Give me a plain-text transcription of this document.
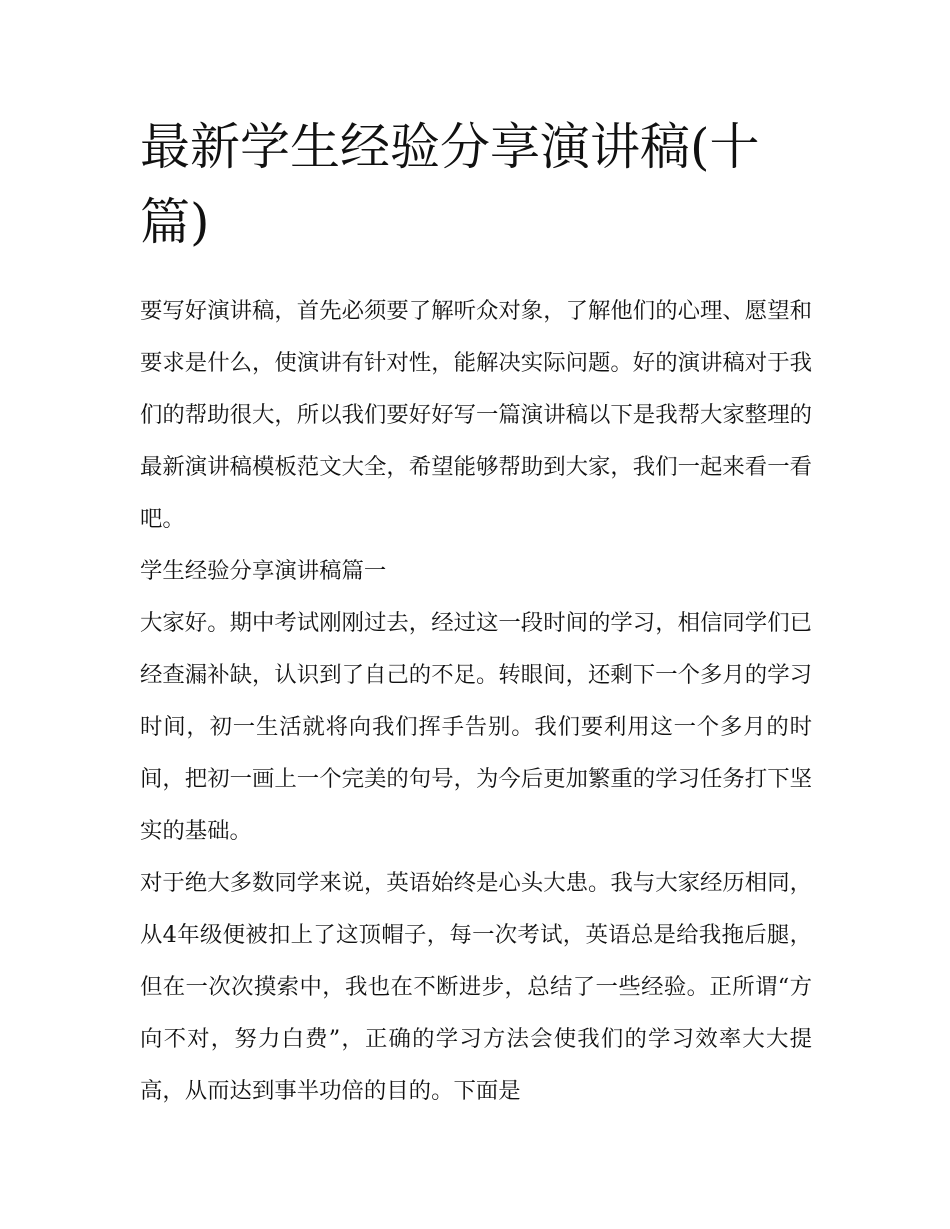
最新学生经验分享演讲稿(十篇)

要写好演讲稿，首先必须要了解听众对象，了解他们的心理、愿望和要求是什么，使演讲有针对性，能解决实际问题。好的演讲稿对于我们的帮助很大，所以我们要好好写一篇演讲稿以下是我帮大家整理的最新演讲稿模板范文大全，希望能够帮助到大家，我们一起来看一看吧。

学生经验分享演讲稿篇一

大家好。期中考试刚刚过去，经过这一段时间的学习，相信同学们已经查漏补缺，认识到了自己的不足。转眼间，还剩下一个多月的学习时间，初一生活就将向我们挥手告别。我们要利用这一个多月的时间，把初一画上一个完美的句号，为今后更加繁重的学习任务打下坚实的基础。

对于绝大多数同学来说，英语始终是心头大患。我与大家经历相同，从4年级便被扣上了这顶帽子，每一次考试，英语总是给我拖后腿，但在一次次摸索中，我也在不断进步，总结了一些经验。正所谓“方向不对，努力白费”，正确的学习方法会使我们的学习效率大大提高，从而达到事半功倍的目的。下面是
